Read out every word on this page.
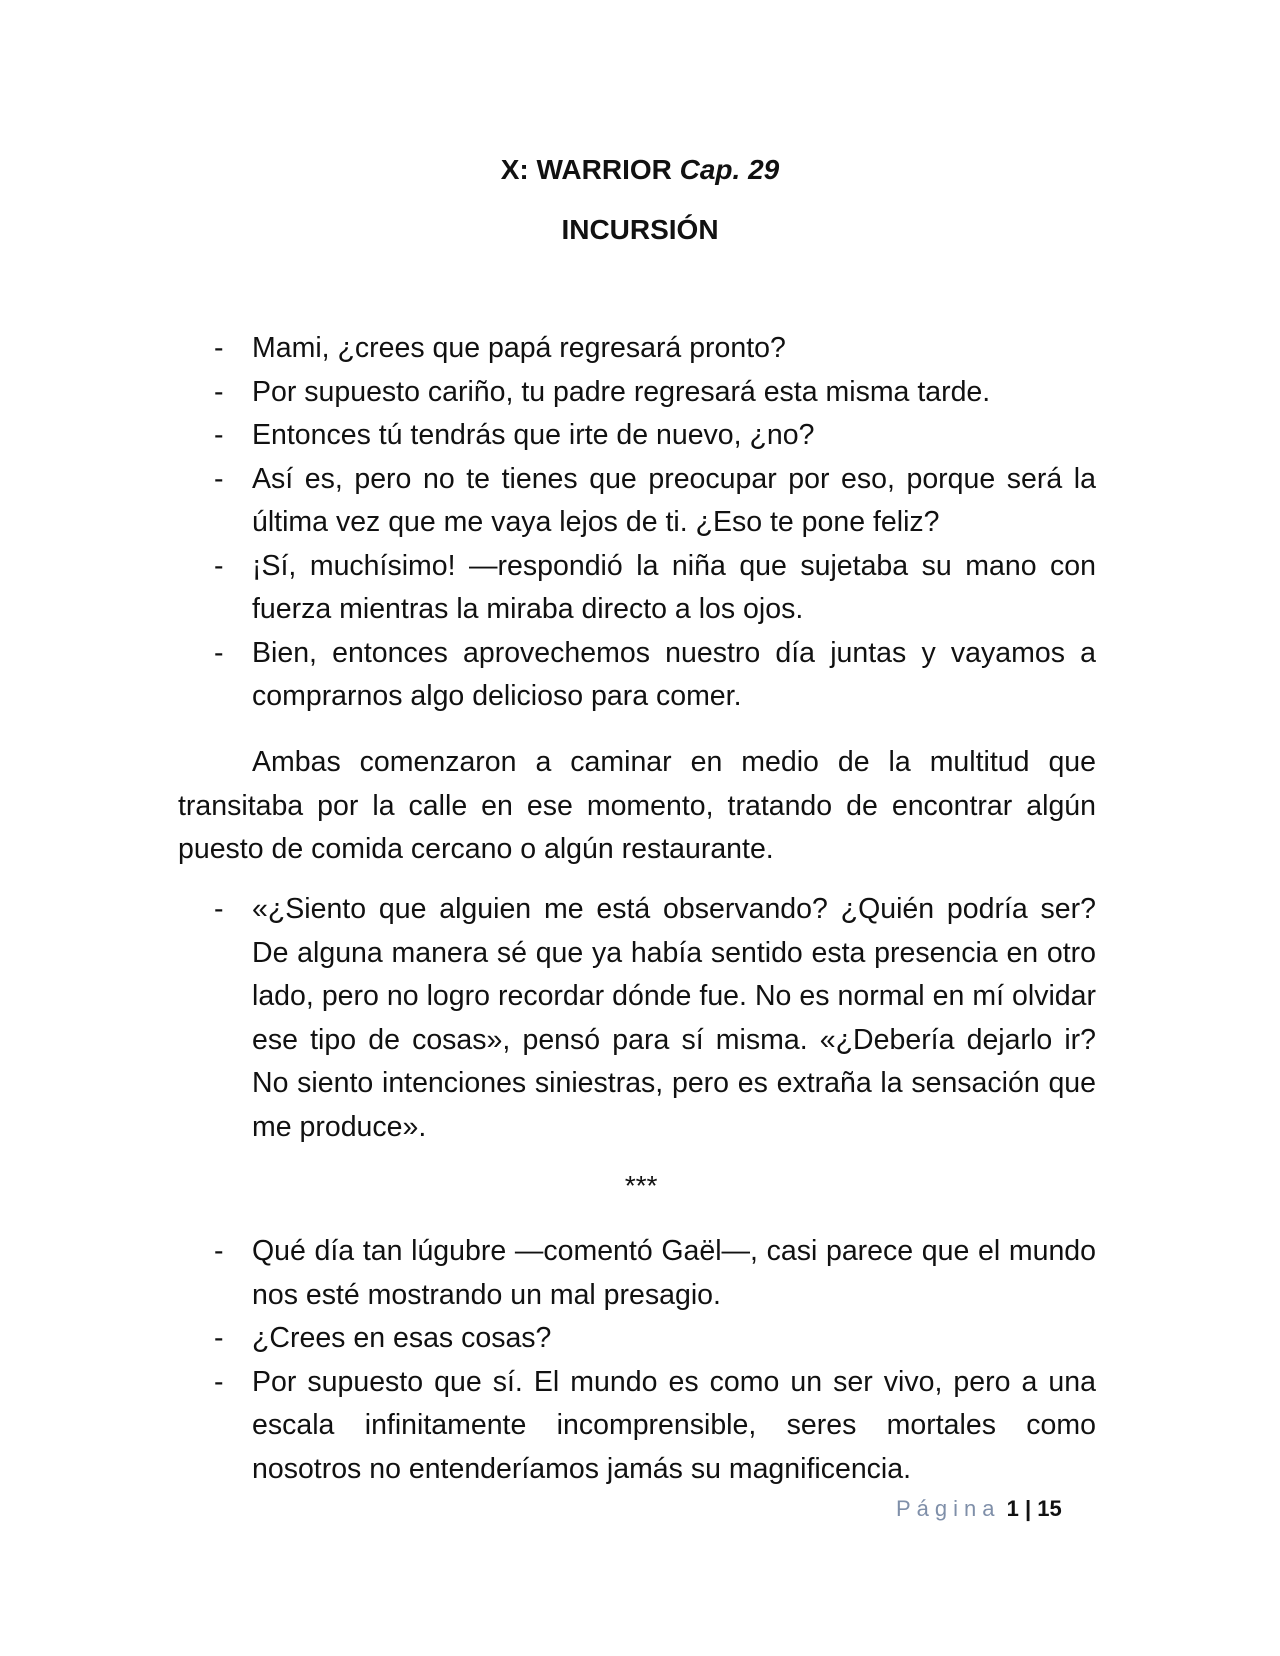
X: WARRIOR Cap. 29
INCURSIÓN
- Mami, ¿crees que papá regresará pronto?
- Por supuesto cariño, tu padre regresará esta misma tarde.
- Entonces tú tendrás que irte de nuevo, ¿no?
- Así es, pero no te tienes que preocupar por eso, porque será la última vez que me vaya lejos de ti. ¿Eso te pone feliz?
- ¡Sí, muchísimo! —respondió la niña que sujetaba su mano con fuerza mientras la miraba directo a los ojos.
- Bien, entonces aprovechemos nuestro día juntas y vayamos a comprarnos algo delicioso para comer.

Ambas comenzaron a caminar en medio de la multitud que transitaba por la calle en ese momento, tratando de encontrar algún puesto de comida cercano o algún restaurante.

- «¿Siento que alguien me está observando? ¿Quién podría ser? De alguna manera sé que ya había sentido esta presencia en otro lado, pero no logro recordar dónde fue. No es normal en mí olvidar ese tipo de cosas», pensó para sí misma. «¿Debería dejarlo ir? No siento intenciones siniestras, pero es extraña la sensación que me produce».
***
- Qué día tan lúgubre —comentó Gaël—, casi parece que el mundo nos esté mostrando un mal presagio.
- ¿Crees en esas cosas?
- Por supuesto que sí. El mundo es como un ser vivo, pero a una escala infinitamente incomprensible, seres mortales como nosotros no entenderíamos jamás su magnificencia.
Página 1 | 15
